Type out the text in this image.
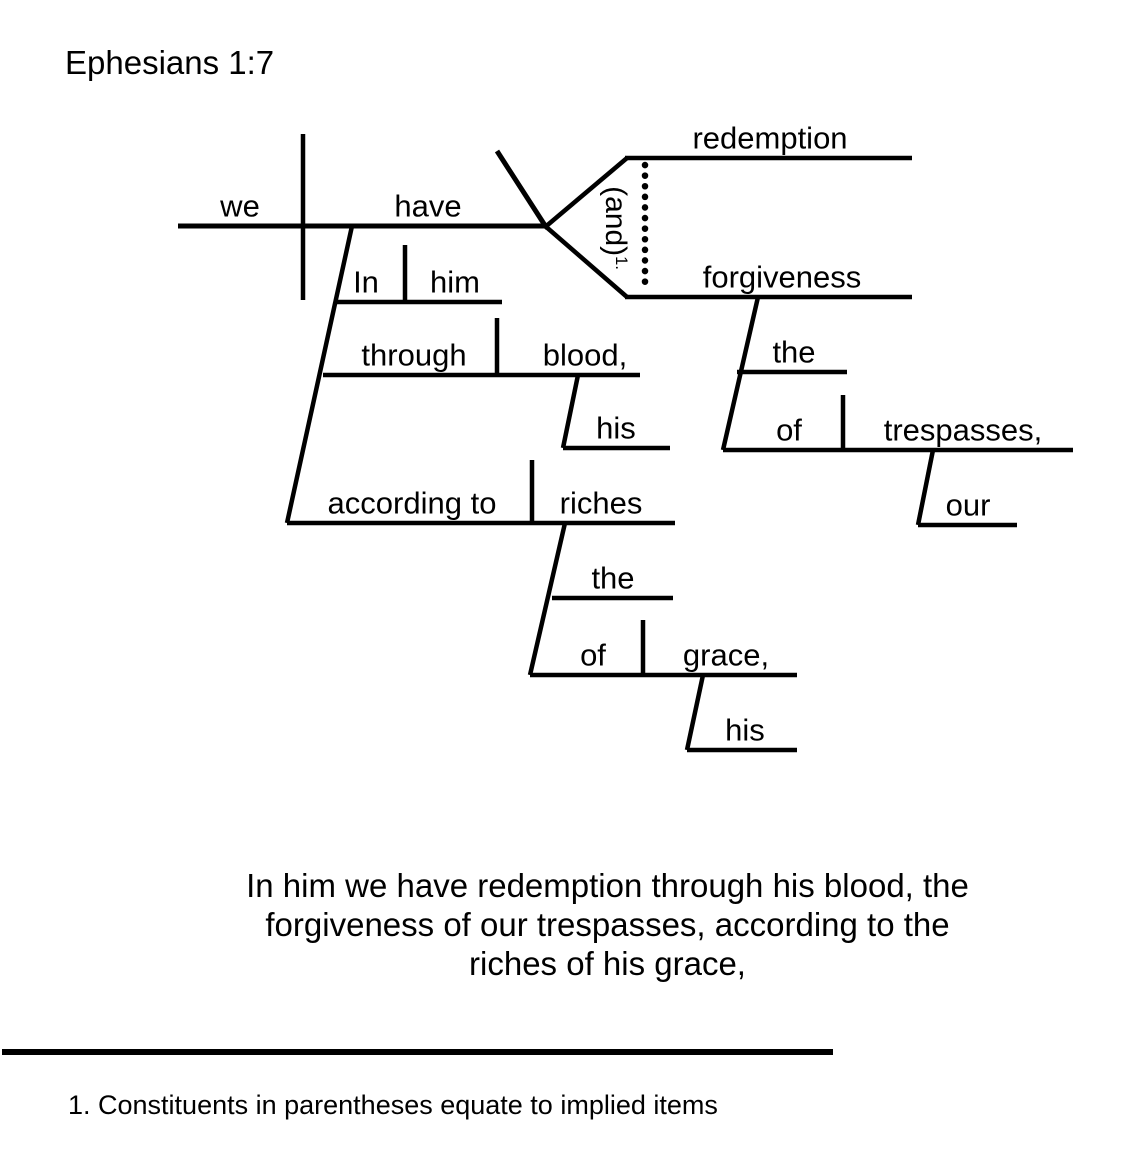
Ephesians 1:7
we	have	(and)$^{1.}$
redemption
forgiveness
In him
through blood,
his
according to riches
the
of grace,
his
the
of	trespasses,
our
In him we have redemption through his blood, the
forgiveness of our trespasses, according to the
riches of his grace,
1. Constituents in parentheses equate to implied items
